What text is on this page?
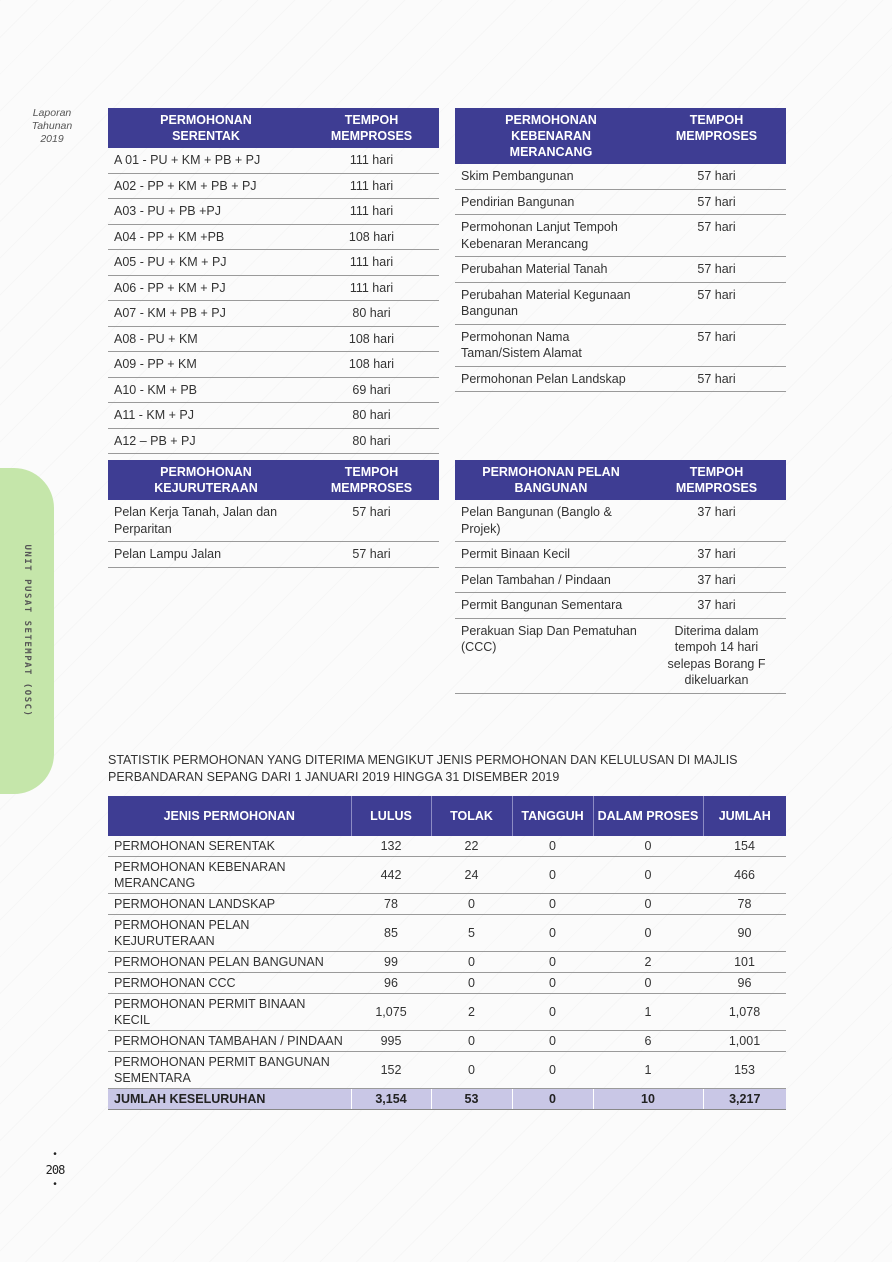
Laporan
Tahunan
2019
UNIT PUSAT SETEMPAT (OSC)
•
208
•
PERMOHONAN SERENTAK	TEMPOH MEMPROSES
A 01 - PU + KM + PB + PJ	111 hari
A02 - PP + KM + PB + PJ	111 hari
A03 - PU + PB +PJ	111 hari
A04 - PP + KM +PB	108 hari
A05 - PU + KM + PJ	111 hari
A06 - PP + KM + PJ	111 hari
A07 - KM + PB + PJ	80 hari
A08 - PU + KM	108 hari
A09 - PP + KM	108 hari
A10 - KM + PB	69 hari
A11 - KM + PJ	80 hari
A12 – PB + PJ	80 hari
PERMOHONAN KEBENARAN MERANCANG	TEMPOH MEMPROSES
Skim Pembangunan	57 hari
Pendirian Bangunan	57 hari
Permohonan Lanjut Tempoh Kebenaran Merancang	57 hari
Perubahan Material Tanah	57 hari
Perubahan Material Kegunaan Bangunan	57 hari
Permohonan Nama Taman/Sistem Alamat	57 hari
Permohonan Pelan Landskap	57 hari
PERMOHONAN KEJURUTERAAN	TEMPOH MEMPROSES
Pelan Kerja Tanah, Jalan dan Perparitan	57 hari
Pelan Lampu Jalan	57 hari
PERMOHONAN PELAN BANGUNAN	TEMPOH MEMPROSES
Pelan Bangunan (Banglo & Projek)	37 hari
Permit Binaan Kecil	37 hari
Pelan Tambahan / Pindaan	37 hari
Permit Bangunan Sementara	37 hari
Perakuan Siap Dan Pematuhan (CCC)	Diterima dalam tempoh 14 hari selepas Borang F dikeluarkan
STATISTIK PERMOHONAN YANG DITERIMA MENGIKUT JENIS PERMOHONAN DAN KELULUSAN DI MAJLIS PERBANDARAN SEPANG DARI 1 JANUARI 2019 HINGGA 31 DISEMBER 2019
JENIS PERMOHONAN	LULUS	TOLAK	TANGGUH	DALAM PROSES	JUMLAH
PERMOHONAN SERENTAK	132	22	0	0	154
PERMOHONAN KEBENARAN MERANCANG	442	24	0	0	466
PERMOHONAN LANDSKAP	78	0	0	0	78
PERMOHONAN PELAN KEJURUTERAAN	85	5	0	0	90
PERMOHONAN PELAN BANGUNAN	99	0	0	2	101
PERMOHONAN CCC	96	0	0	0	96
PERMOHONAN PERMIT BINAAN KECIL	1,075	2	0	1	1,078
PERMOHONAN TAMBAHAN / PINDAAN	995	0	0	6	1,001
PERMOHONAN PERMIT BANGUNAN SEMENTARA	152	0	0	1	153
JUMLAH KESELURUHAN	3,154	53	0	10	3,217
